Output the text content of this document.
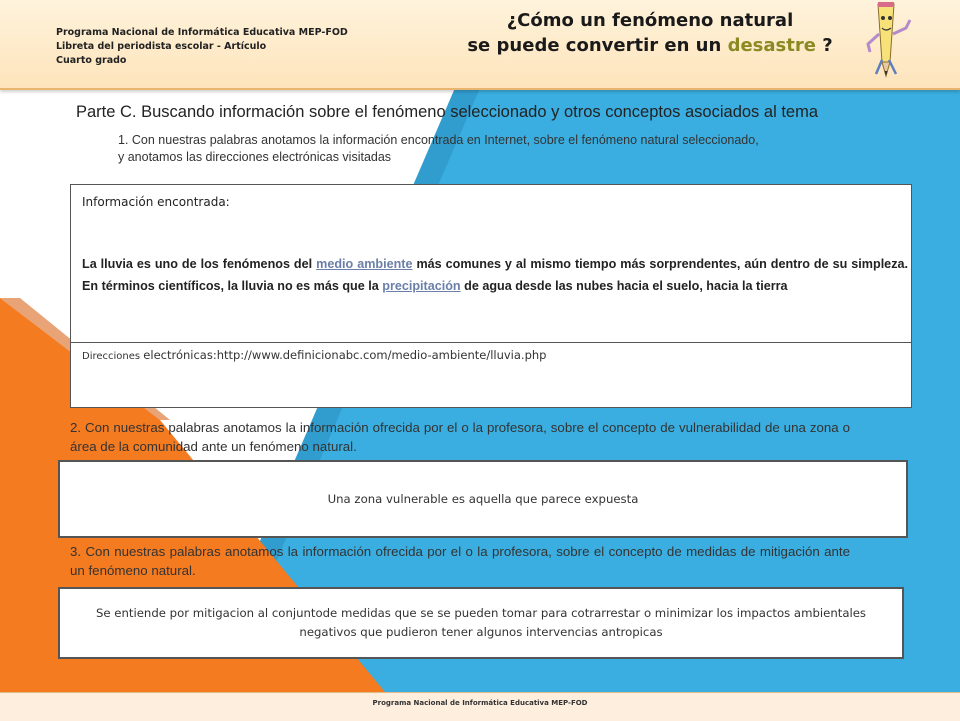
Programa Nacional de Informática Educativa MEP-FOD
Libreta del periodista escolar - Artículo
Cuarto grado
¿Cómo un fenómeno natural
se puede convertir en un desastre ?
Parte C. Buscando información sobre el fenómeno seleccionado y otros conceptos asociados al tema
1. Con nuestras palabras anotamos la información encontrada en Internet, sobre el fenómeno natural seleccionado,
y anotamos las direcciones electrónicas visitadas
Información encontrada:
La lluvia es uno de los fenómenos del medio ambiente más comunes y al mismo tiempo más sorprendentes, aún dentro de su simpleza. En términos científicos, la lluvia no es más que la precipitación de agua desde las nubes hacia el suelo, hacia la tierra
Direcciones electrónicas:http://www.definicionabc.com/medio-ambiente/lluvia.php
2. Con nuestras palabras anotamos la información ofrecida por el o la profesora, sobre el concepto de vulnerabilidad de una zona o área de la comunidad ante un fenómeno natural.
Una zona vulnerable es aquella que parece expuesta
3. Con nuestras palabras anotamos la información ofrecida por el o la profesora, sobre el concepto de medidas de mitigación ante un fenómeno natural.
Se entiende por mitigacion al conjuntode medidas que se se pueden tomar para cotrarrestar o minimizar los impactos ambientales negativos que pudieron tener algunos intervencias antropicas
Programa Nacional de Informática Educativa MEP-FOD
